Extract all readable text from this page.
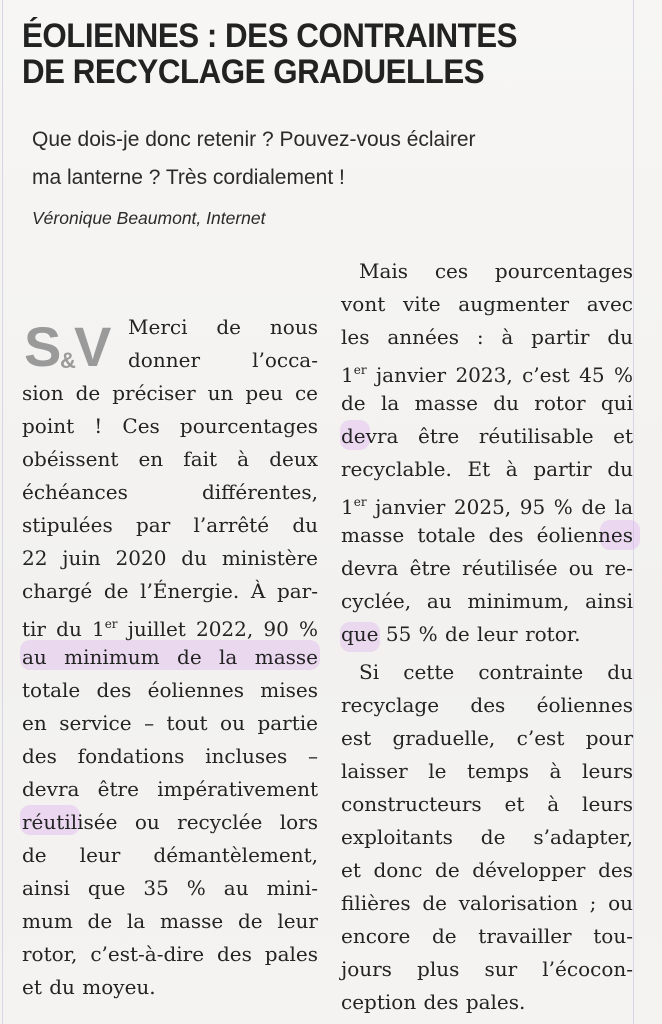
ÉOLIENNES : DES CONTRAINTES
DE RECYCLAGE GRADUELLES
Que dois-je donc retenir ? Pouvez-vous éclairer
ma lanterne ? Très cordialement !
Véronique Beaumont, Internet
S
&
V Merci de nous
donner l’occa-
sion de préciser un peu ce
point ! Ces pourcentages
obéissent en fait à deux
échéances différentes,
stipulées par l’arrêté du
22 juin 2020 du ministère
chargé de l’Énergie. À par-
tir du 1er juillet 2022, 90 %
au minimum de la masse
totale des éoliennes mises
en service – tout ou partie
des fondations incluses –
devra être impérativement
réutilisée ou recyclée lors
de leur démantèlement,
ainsi que 35 % au mini-
mum de la masse de leur
rotor, c’est-à-dire des pales
et du moyeu.
Mais ces pourcentages
vont vite augmenter avec
les années : à partir du
1er janvier 2023, c’est 45 %
de la masse du rotor qui
devra être réutilisable et
recyclable. Et à partir du
1er janvier 2025, 95 % de la
masse totale des éoliennes
devra être réutilisée ou re-
cyclée, au minimum, ainsi
que 55 % de leur rotor.
Si cette contrainte du
recyclage des éoliennes
est graduelle, c’est pour
laisser le temps à leurs
constructeurs et à leurs
exploitants de s’adapter,
et donc de développer des
filières de valorisation ; ou
encore de travailler tou-
jours plus sur l’écocon-
ception des pales.
